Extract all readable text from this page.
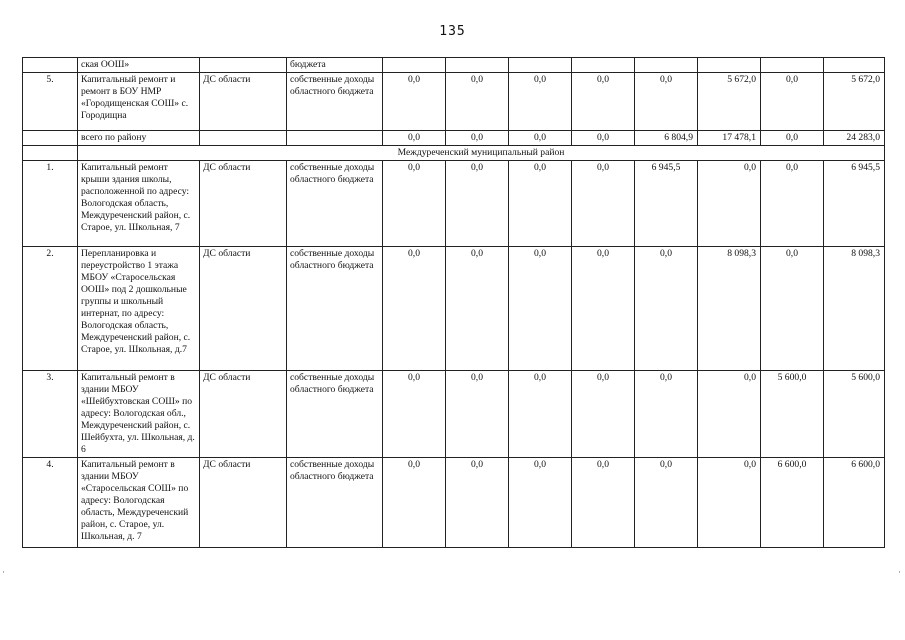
135
	ская ООШ»		бюджета								
5.	Капитальный ремонт и ремонт в БОУ НМР «Городищенская СОШ» с. Городищна	ДС области	собственные доходы областного бюджета	0,0	0,0	0,0	0,0	0,0	5 672,0	0,0	5 672,0
	всего по району			0,0	0,0	0,0	0,0	6 804,9	17 478,1	0,0	24 283,0
	Междуреченский муниципальный район										
1.	Капитальный ремонт крыши здания школы, расположенной по адресу: Вологодская область, Междуреченский район, с. Старое, ул. Школьная, 7	ДС области	собственные доходы областного бюджета	0,0	0,0	0,0	0,0	6 945,5	0,0	0,0	6 945,5
2.	Перепланировка и переустройство 1 этажа МБОУ «Старосельская ООШ» под 2 дошкольные группы и школьный интернат, по адресу: Вологодская область, Междуреченский район, с. Старое, ул. Школьная, д.7	ДС области	собственные доходы областного бюджета	0,0	0,0	0,0	0,0	0,0	8 098,3	0,0	8 098,3
3.	Капитальный ремонт в здании МБОУ «Шейбухтовская СОШ» по адресу: Вологодская обл., Междуреченский район, с. Шейбухта, ул. Школьная, д. 6	ДС области	собственные доходы областного бюджета	0,0	0,0	0,0	0,0	0,0	0,0	5 600,0	5 600,0
4.	Капитальный ремонт в здании МБОУ «Старосельская СОШ» по адресу: Вологодская область, Междуреченский район, с. Старое, ул. Школьная, д. 7	ДС области	собственные доходы областного бюджета	0,0	0,0	0,0	0,0	0,0	0,0	6 600,0	6 600,0
·	·
